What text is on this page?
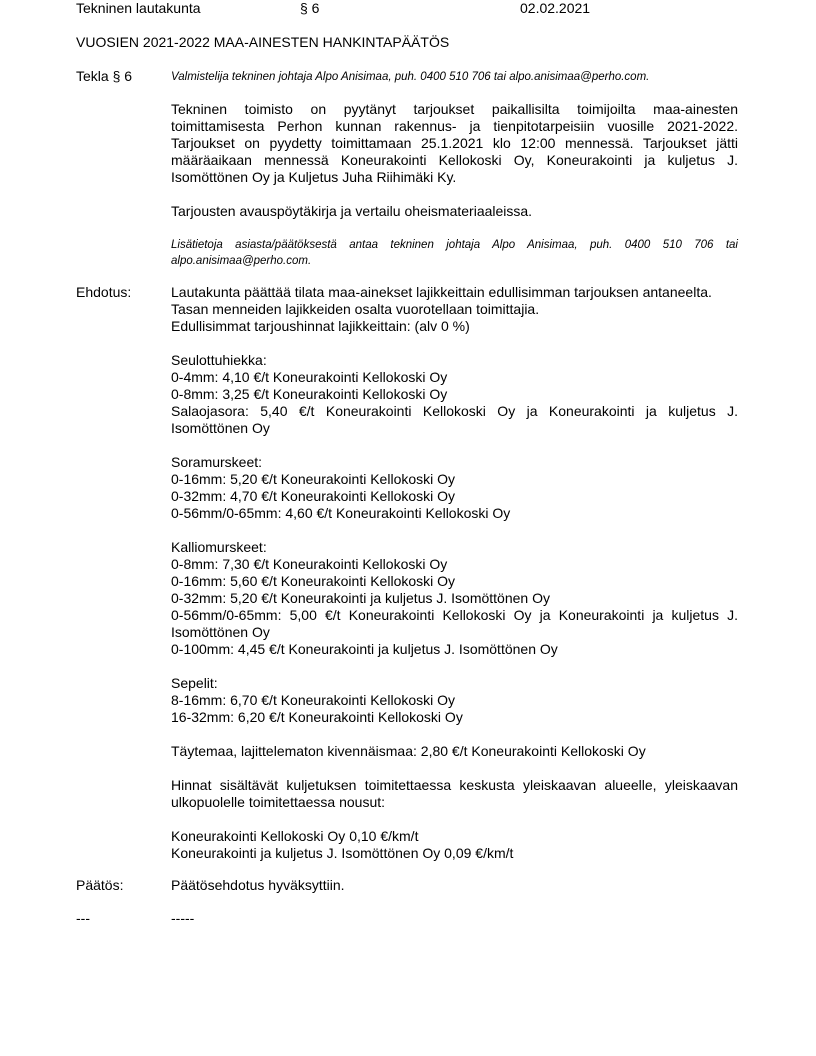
Tekninen lautakunta	§ 6	02.02.2021
VUOSIEN 2021-2022 MAA-AINESTEN HANKINTAPÄÄTÖS
Tekla § 6	Valmistelija tekninen johtaja Alpo Anisimaa, puh. 0400 510 706 tai alpo.anisimaa@perho.com.

Tekninen toimisto on pyytänyt tarjoukset paikallisilta toimijoilta maa-ainesten toimittamisesta Perhon kunnan rakennus- ja tienpitotarpeisiin vuosille 2021-2022. Tarjoukset on pyydetty toimittamaan 25.1.2021 klo 12:00 mennessä. Tarjoukset jätti määräaikaan mennessä Koneurakointi Kellokoski Oy, Koneurakointi ja kuljetus J. Isomöttönen Oy ja Kuljetus Juha Riihimäki Ky.

Tarjousten avauspöytäkirja ja vertailu oheismateriaaleissa.

Lisätietoja asiasta/päätöksestä antaa tekninen johtaja Alpo Anisimaa, puh. 0400 510 706 tai alpo.anisimaa@perho.com.

Ehdotus:	Lautakunta päättää tilata maa-ainekset lajikkeittain edullisimman tarjouksen antaneelta.
Tasan menneiden lajikkeiden osalta vuorotellaan toimittajia.
Edullisimmat tarjoushinnat lajikkeittain: (alv 0 %)
Seulottuhiekka:
0-4mm: 4,10 €/t Koneurakointi Kellokoski Oy
0-8mm: 3,25 €/t Koneurakointi Kellokoski Oy
Salaojasora: 5,40 €/t Koneurakointi Kellokoski Oy ja Koneurakointi ja kuljetus J. Isomöttönen Oy
Soramurskeet:
0-16mm: 5,20 €/t Koneurakointi Kellokoski Oy
0-32mm: 4,70 €/t Koneurakointi Kellokoski Oy
0-56mm/0-65mm: 4,60 €/t Koneurakointi Kellokoski Oy
Kalliomurskeet:
0-8mm: 7,30 €/t Koneurakointi Kellokoski Oy
0-16mm: 5,60 €/t Koneurakointi Kellokoski Oy
0-32mm: 5,20 €/t Koneurakointi ja kuljetus J. Isomöttönen Oy
0-56mm/0-65mm: 5,00 €/t Koneurakointi Kellokoski Oy ja Koneurakointi ja kuljetus J. Isomöttönen Oy
0-100mm: 4,45 €/t Koneurakointi ja kuljetus J. Isomöttönen Oy
Sepelit:
8-16mm: 6,70 €/t Koneurakointi Kellokoski Oy
16-32mm: 6,20 €/t Koneurakointi Kellokoski Oy
Täytemaa, lajittelematon kivennäismaa: 2,80 €/t Koneurakointi Kellokoski Oy
Hinnat sisältävät kuljetuksen toimitettaessa keskusta yleiskaavan alueelle, yleiskaavan ulkopuolelle toimitettaessa nousut:
Koneurakointi Kellokoski Oy 0,10 €/km/t
Koneurakointi ja kuljetus J. Isomöttönen Oy 0,09 €/km/t
Päätös:	Päätösehdotus hyväksyttiin.
---	-----
